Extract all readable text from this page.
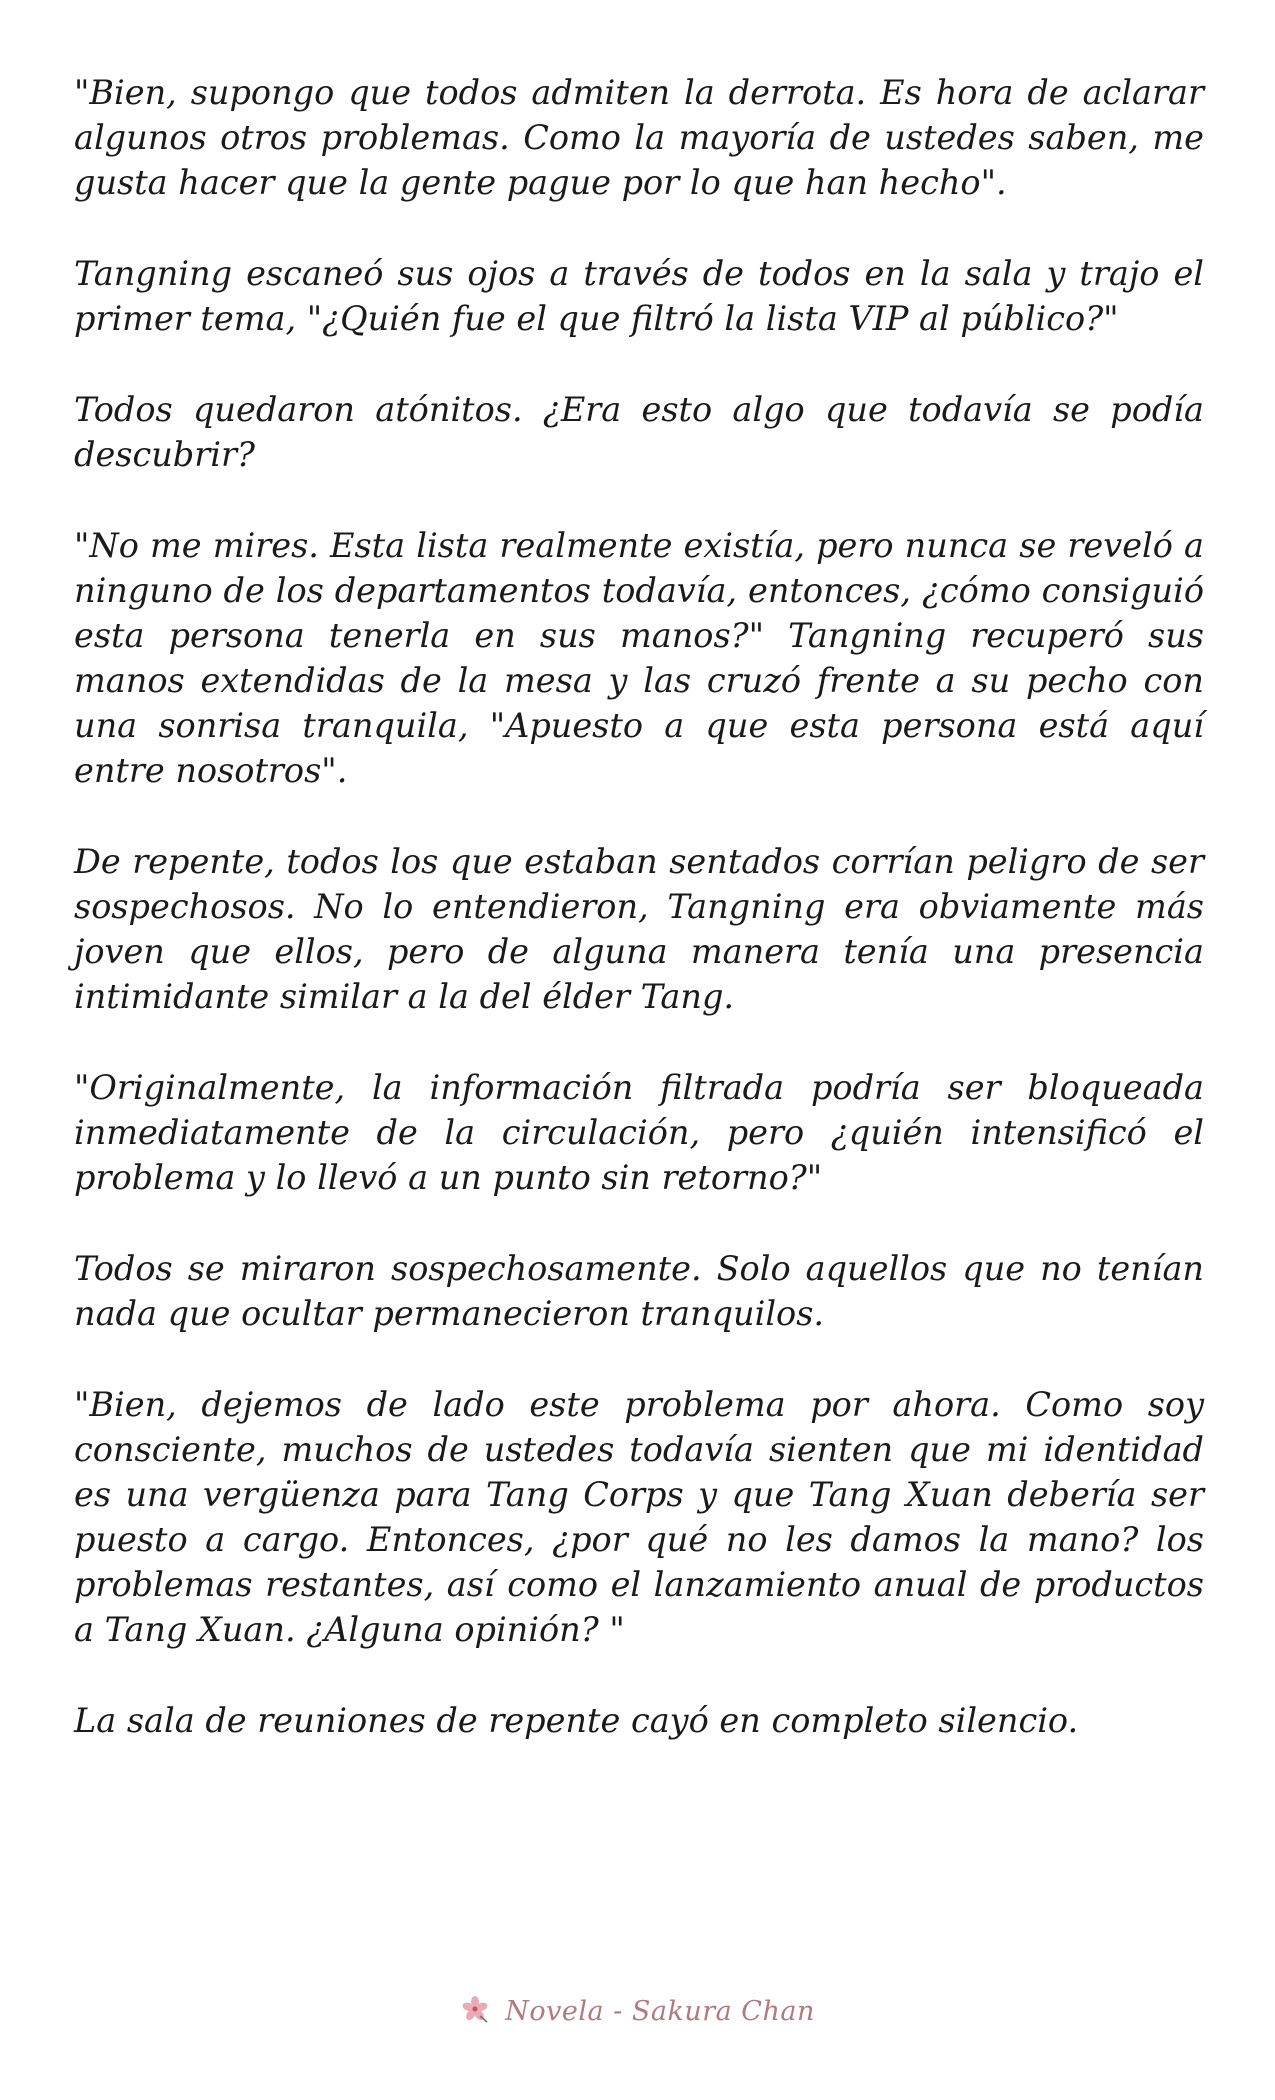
"Bien, supongo que todos admiten la derrota. Es hora de aclarar algunos otros problemas. Como la mayoría de ustedes saben, me gusta hacer que la gente pague por lo que han hecho".

Tangning escaneó sus ojos a través de todos en la sala y trajo el primer tema, "¿Quién fue el que filtró la lista VIP al público?"

Todos quedaron atónitos. ¿Era esto algo que todavía se podía descubrir?

"No me mires. Esta lista realmente existía, pero nunca se reveló a ninguno de los departamentos todavía, entonces, ¿cómo consiguió esta persona tenerla en sus manos?" Tangning recuperó sus manos extendidas de la mesa y las cruzó frente a su pecho con una sonrisa tranquila, "Apuesto a que esta persona está aquí entre nosotros".

De repente, todos los que estaban sentados corrían peligro de ser sospechosos. No lo entendieron, Tangning era obviamente más joven que ellos, pero de alguna manera tenía una presencia intimidante similar a la del élder Tang.

"Originalmente, la información filtrada podría ser bloqueada inmediatamente de la circulación, pero ¿quién intensificó el problema y lo llevó a un punto sin retorno?"

Todos se miraron sospechosamente. Solo aquellos que no tenían nada que ocultar permanecieron tranquilos.

"Bien, dejemos de lado este problema por ahora. Como soy consciente, muchos de ustedes todavía sienten que mi identidad es una vergüenza para Tang Corps y que Tang Xuan debería ser puesto a cargo. Entonces, ¿por qué no les damos la mano? los problemas restantes, así como el lanzamiento anual de productos a Tang Xuan. ¿Alguna opinión? "

La sala de reuniones de repente cayó en completo silencio.

Novela - Sakura Chan
